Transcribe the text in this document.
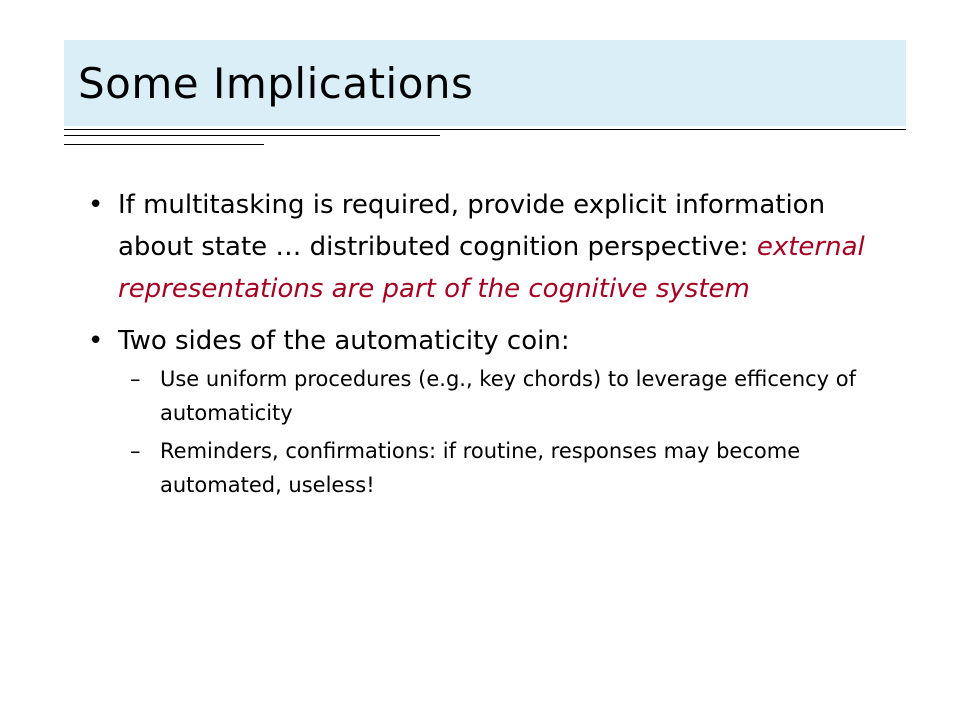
Some Implications
• If multitasking is required, provide explicit information about state … distributed cognition perspective: external representations are part of the cognitive system
• Two sides of the automaticity coin:
– Use uniform procedures (e.g., key chords) to leverage efficency of automaticity
– Reminders, confirmations: if routine, responses may become automated, useless!
